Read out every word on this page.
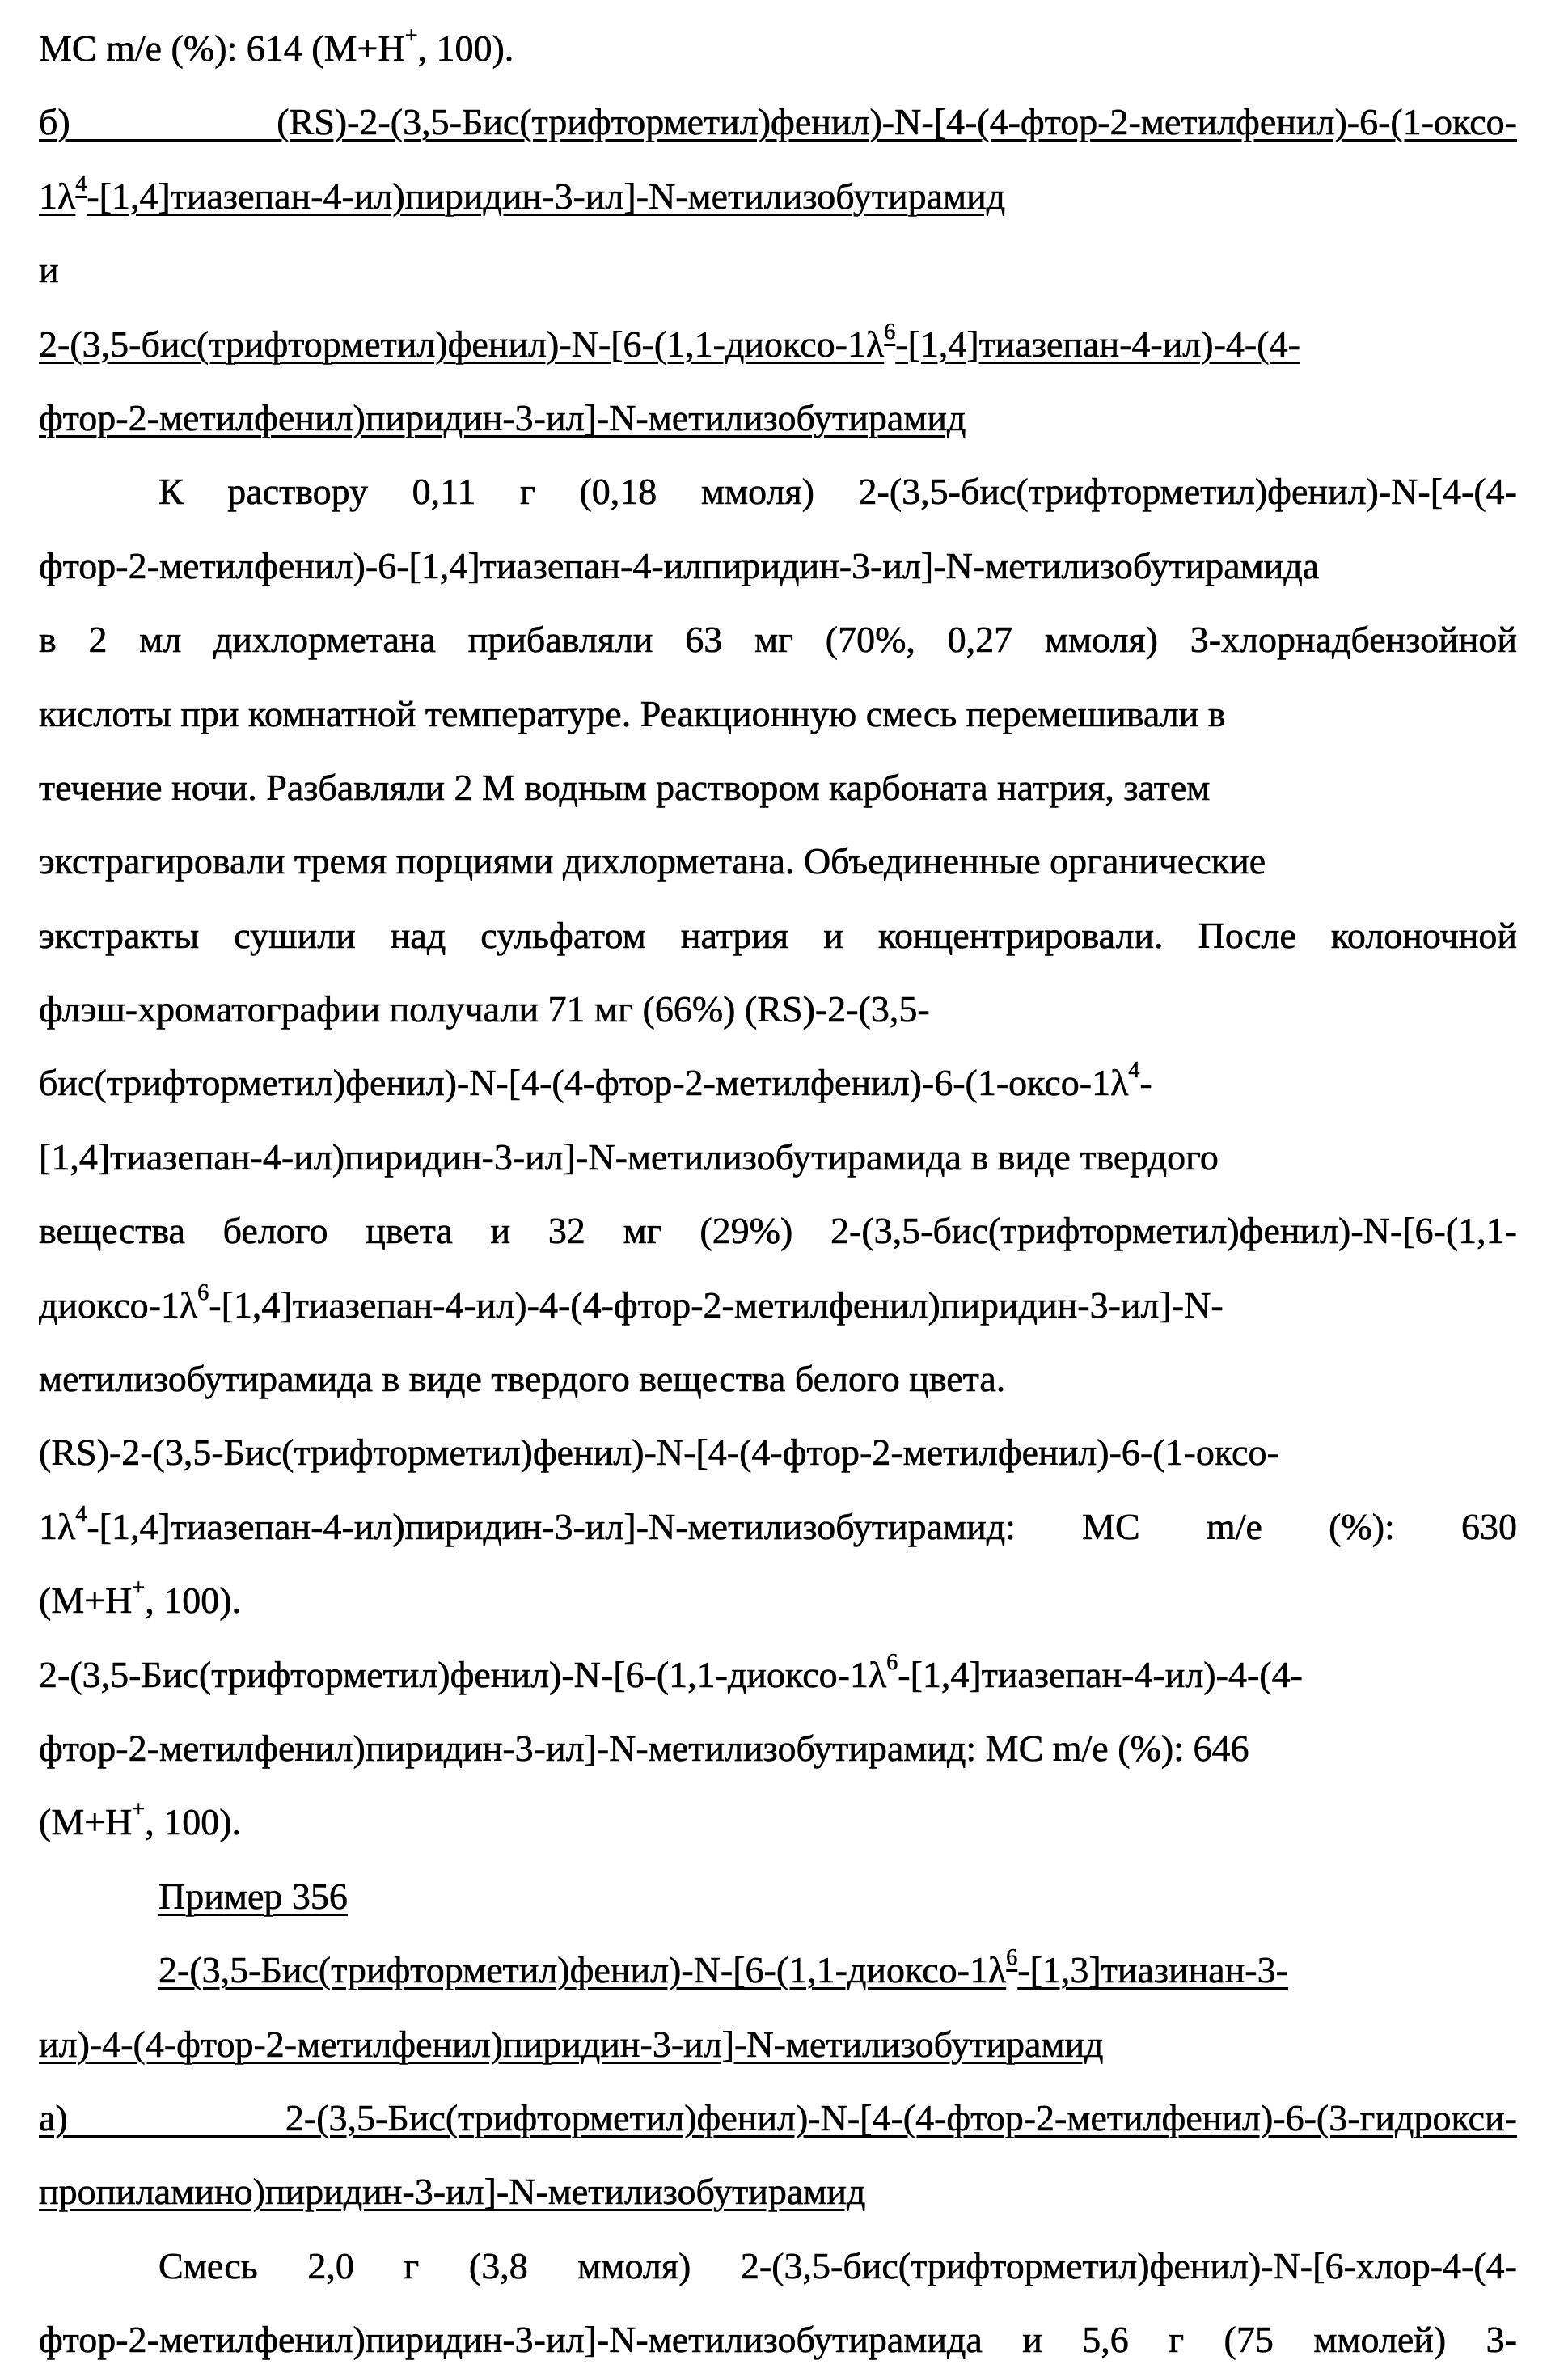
МС m/e (%): 614 (M+H+, 100).
б) (RS)-2-(3,5-Бис(трифторметил)фенил)-N-[4-(4-фтор-2-метилфенил)-6-(1-оксо-
1λ4-[1,4]тиазепан-4-ил)пиридин-3-ил]-N-метилизобутирамид
и
2-(3,5-бис(трифторметил)фенил)-N-[6-(1,1-диоксо-1λ6-[1,4]тиазепан-4-ил)-4-(4-
фтор-2-метилфенил)пиридин-3-ил]-N-метилизобутирамид
К раствору 0,11 г (0,18 ммоля) 2-(3,5-бис(трифторметил)фенил)-N-[4-(4-
фтор-2-метилфенил)-6-[1,4]тиазепан-4-илпиридин-3-ил]-N-метилизобутирамида
в 2 мл дихлорметана прибавляли 63 мг (70%, 0,27 ммоля) 3-хлорнадбензойной
кислоты при комнатной температуре. Реакционную смесь перемешивали в
течение ночи. Разбавляли 2 М водным раствором карбоната натрия, затем
экстрагировали тремя порциями дихлорметана. Объединенные органические
экстракты сушили над сульфатом натрия и концентрировали. После колоночной
флэш-хроматографии получали 71 мг (66%) (RS)-2-(3,5-
бис(трифторметил)фенил)-N-[4-(4-фтор-2-метилфенил)-6-(1-оксо-1λ4-
[1,4]тиазепан-4-ил)пиридин-3-ил]-N-метилизобутирамида в виде твердого
вещества белого цвета и 32 мг (29%) 2-(3,5-бис(трифторметил)фенил)-N-[6-(1,1-
диоксо-1λ6-[1,4]тиазепан-4-ил)-4-(4-фтор-2-метилфенил)пиридин-3-ил]-N-
метилизобутирамида в виде твердого вещества белого цвета.
(RS)-2-(3,5-Бис(трифторметил)фенил)-N-[4-(4-фтор-2-метилфенил)-6-(1-оксо-
1λ4-[1,4]тиазепан-4-ил)пиридин-3-ил]-N-метилизобутирамид: МС m/e (%): 630
(M+H+, 100).
2-(3,5-Бис(трифторметил)фенил)-N-[6-(1,1-диоксо-1λ6-[1,4]тиазепан-4-ил)-4-(4-
фтор-2-метилфенил)пиридин-3-ил]-N-метилизобутирамид: МС m/e (%): 646
(M+H+, 100).
Пример 356
2-(3,5-Бис(трифторметил)фенил)-N-[6-(1,1-диоксо-1λ6-[1,3]тиазинан-3-
ил)-4-(4-фтор-2-метилфенил)пиридин-3-ил]-N-метилизобутирамид
а) 2-(3,5-Бис(трифторметил)фенил)-N-[4-(4-фтор-2-метилфенил)-6-(3-гидрокси-
пропиламино)пиридин-3-ил]-N-метилизобутирамид
Смесь 2,0 г (3,8 ммоля) 2-(3,5-бис(трифторметил)фенил)-N-[6-хлор-4-(4-
фтор-2-метилфенил)пиридин-3-ил]-N-метилизобутирамида и 5,6 г (75 ммолей) 3-
